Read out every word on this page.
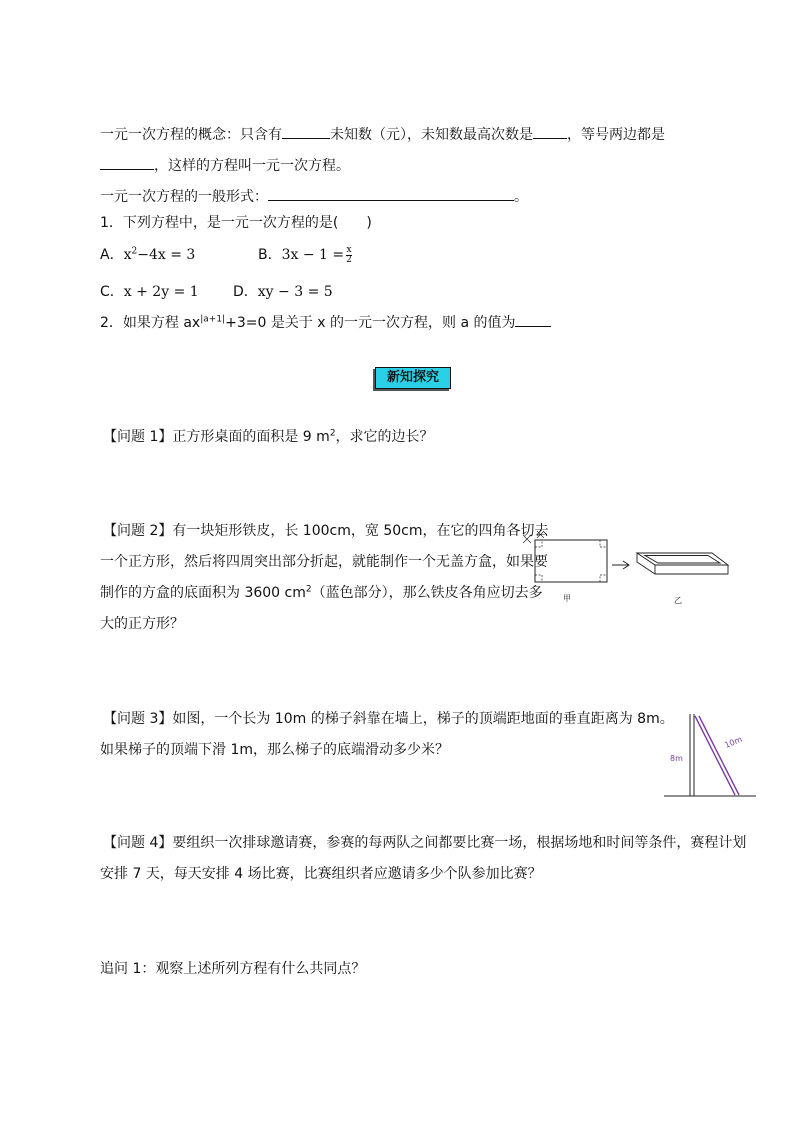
一元一次方程的概念：只含有	未知数（元），未知数最高次数是 ，等号两边都是
，这样的方程叫一元一次方程。
一元一次方程的一般形式：	。
1．下列方程中，是一元一次方程的是(　　)
A．$x^2-4x = 3$	B．$3x - 1 = \frac{x}{2}$
C．x + 2y = 1 D．xy − 3 = 5
2．如果方程 $ax^{|a+1|}+3=0$ 是关于 x 的一元一次方程，则 a 的值为
新知探究
【问题 1】正方形桌面的面积是 9 $m^2$，求它的边长？
【问题 2】有一块矩形铁皮，长 100cm，宽 50cm，在它的四角各切去
一个正方形，然后将四周突出部分折起，就能制作一个无盖方盒，如果要
制作的方盒的底面积为 3600 $cm^2$（蓝色部分），那么铁皮各角应切去多
大的正方形？
甲	乙
【问题 3】如图，一个长为 10m 的梯子斜靠在墙上，梯子的顶端距地面的垂直距离为 8m。
如果梯子的顶端下滑 1m，那么梯子的底端滑动多少米？
8m
10m
【问题 4】要组织一次排球邀请赛，参赛的每两队之间都要比赛一场，根据场地和时间等条件，赛程计划
安排 7 天，每天安排 4 场比赛，比赛组织者应邀请多少个队参加比赛？
追问 1：观察上述所列方程有什么共同点？
